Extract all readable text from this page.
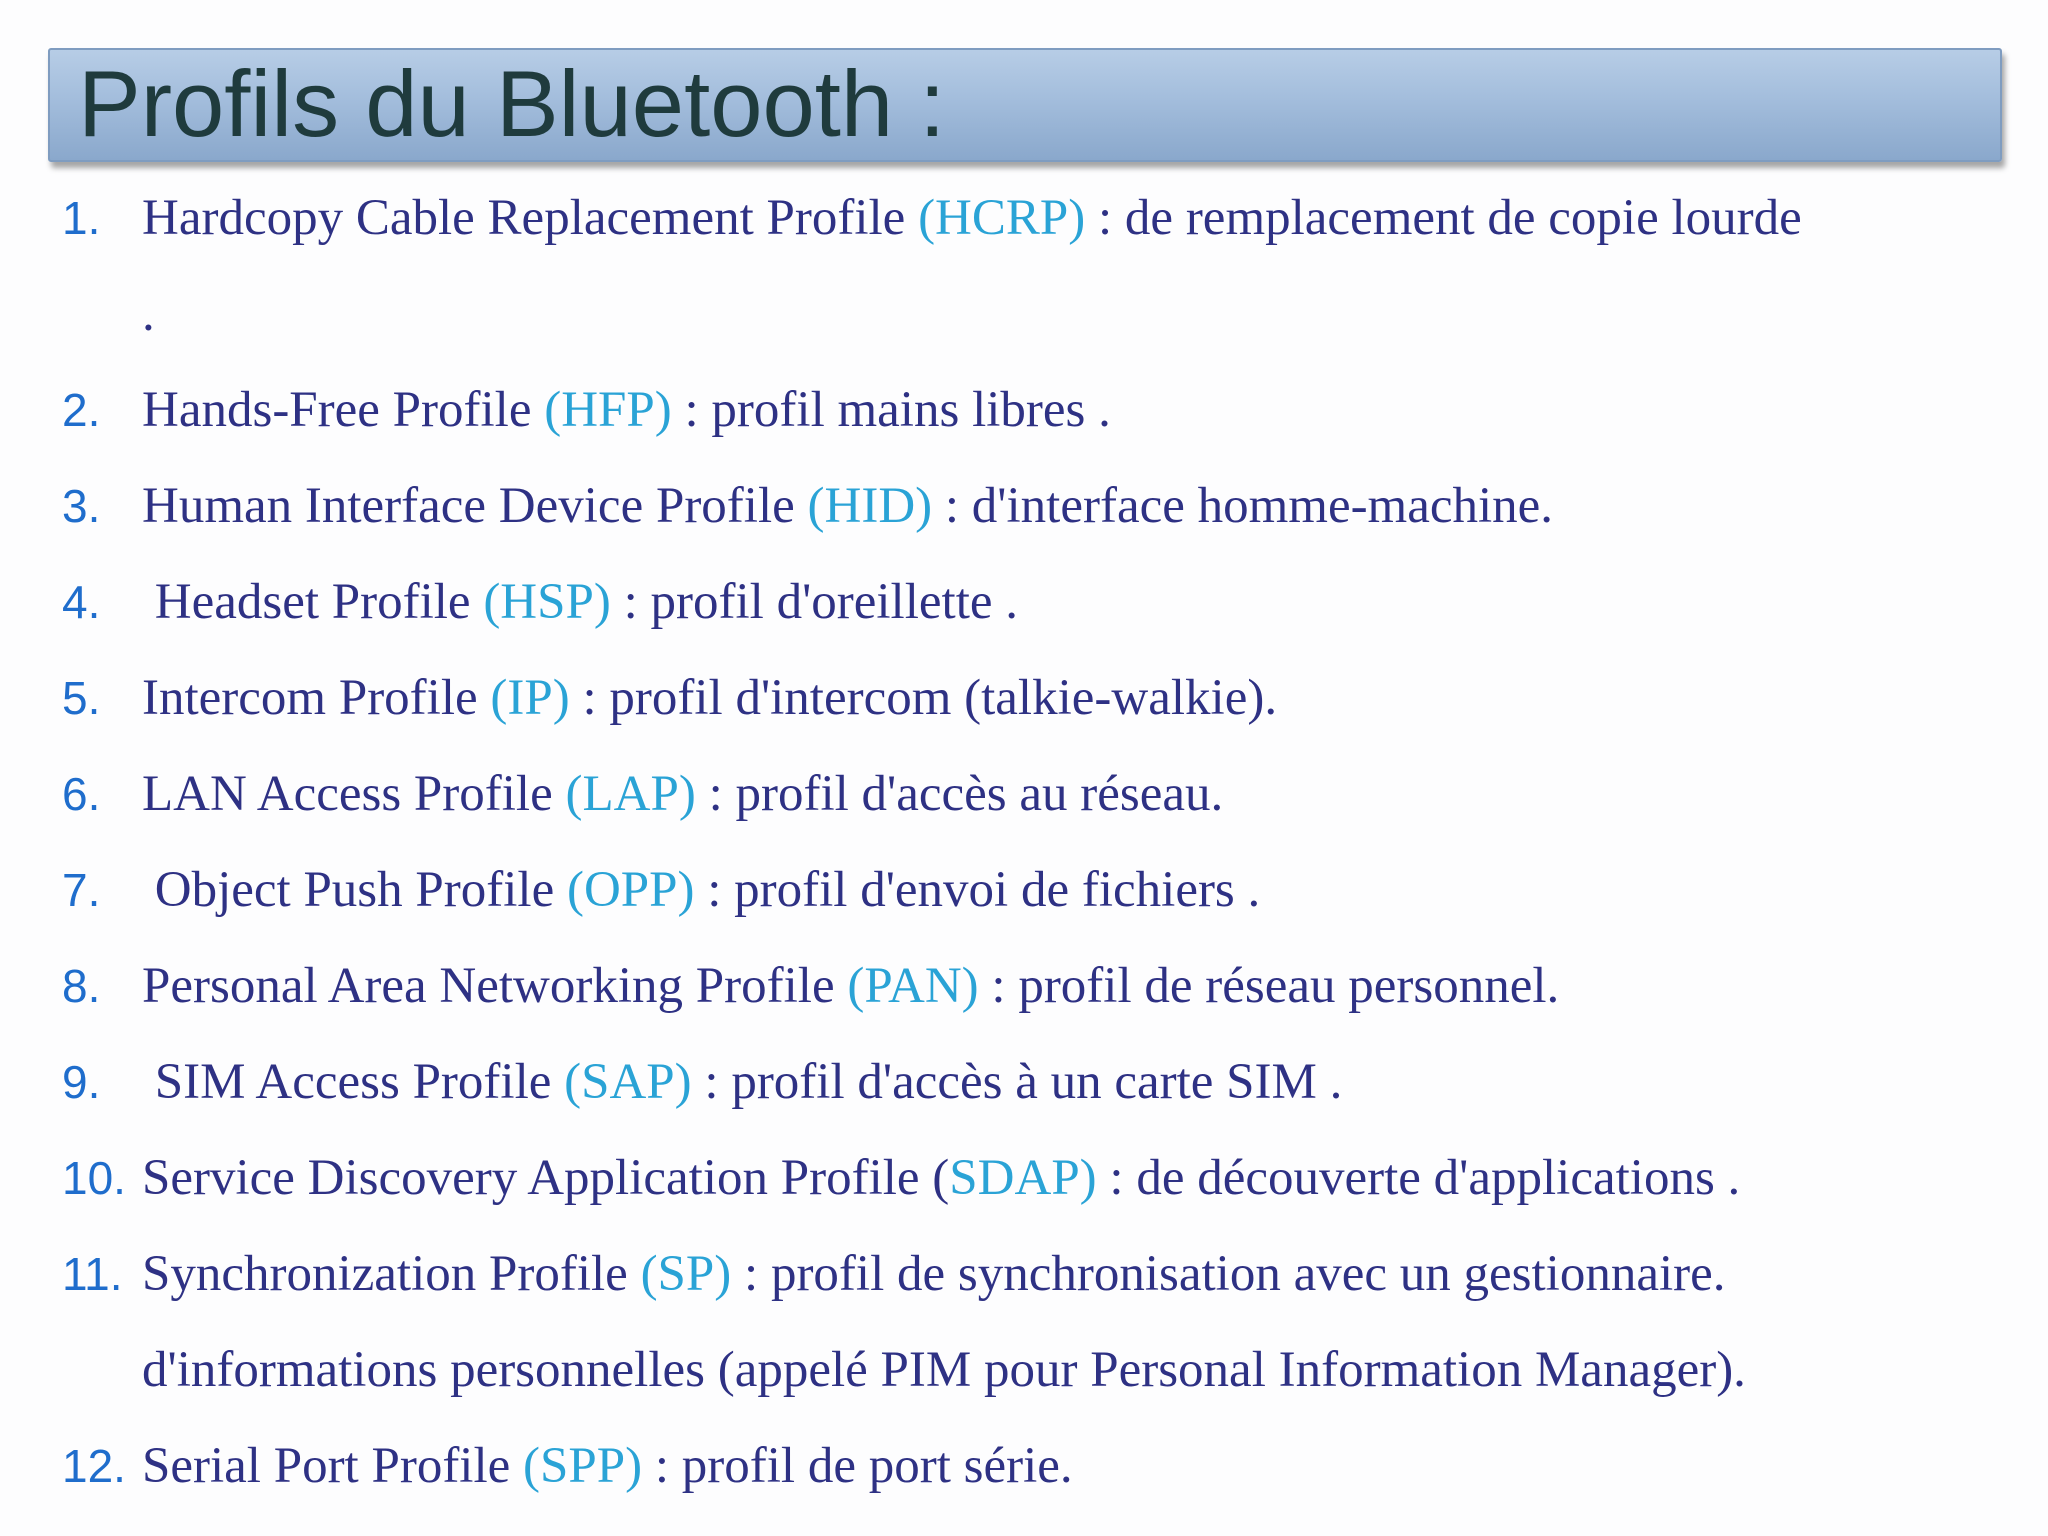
Profils du Bluetooth :
1. Hardcopy Cable Replacement Profile (HCRP) : de remplacement de copie lourde
.
2. Hands-Free Profile (HFP) : profil mains libres .
3. Human Interface Device Profile (HID) : d'interface homme-machine.
4. Headset Profile (HSP) : profil d'oreillette .
5. Intercom Profile (IP) : profil d'intercom (talkie-walkie).
6. LAN Access Profile (LAP) : profil d'accès au réseau.
7. Object Push Profile (OPP) : profil d'envoi de fichiers .
8. Personal Area Networking Profile (PAN) : profil de réseau personnel.
9. SIM Access Profile (SAP) : profil d'accès à un carte SIM .
10. Service Discovery Application Profile (SDAP) : de découverte d'applications .
11. Synchronization Profile (SP) : profil de synchronisation avec un gestionnaire.
d'informations personnelles (appelé PIM pour Personal Information Manager).
12. Serial Port Profile (SPP) : profil de port série.
